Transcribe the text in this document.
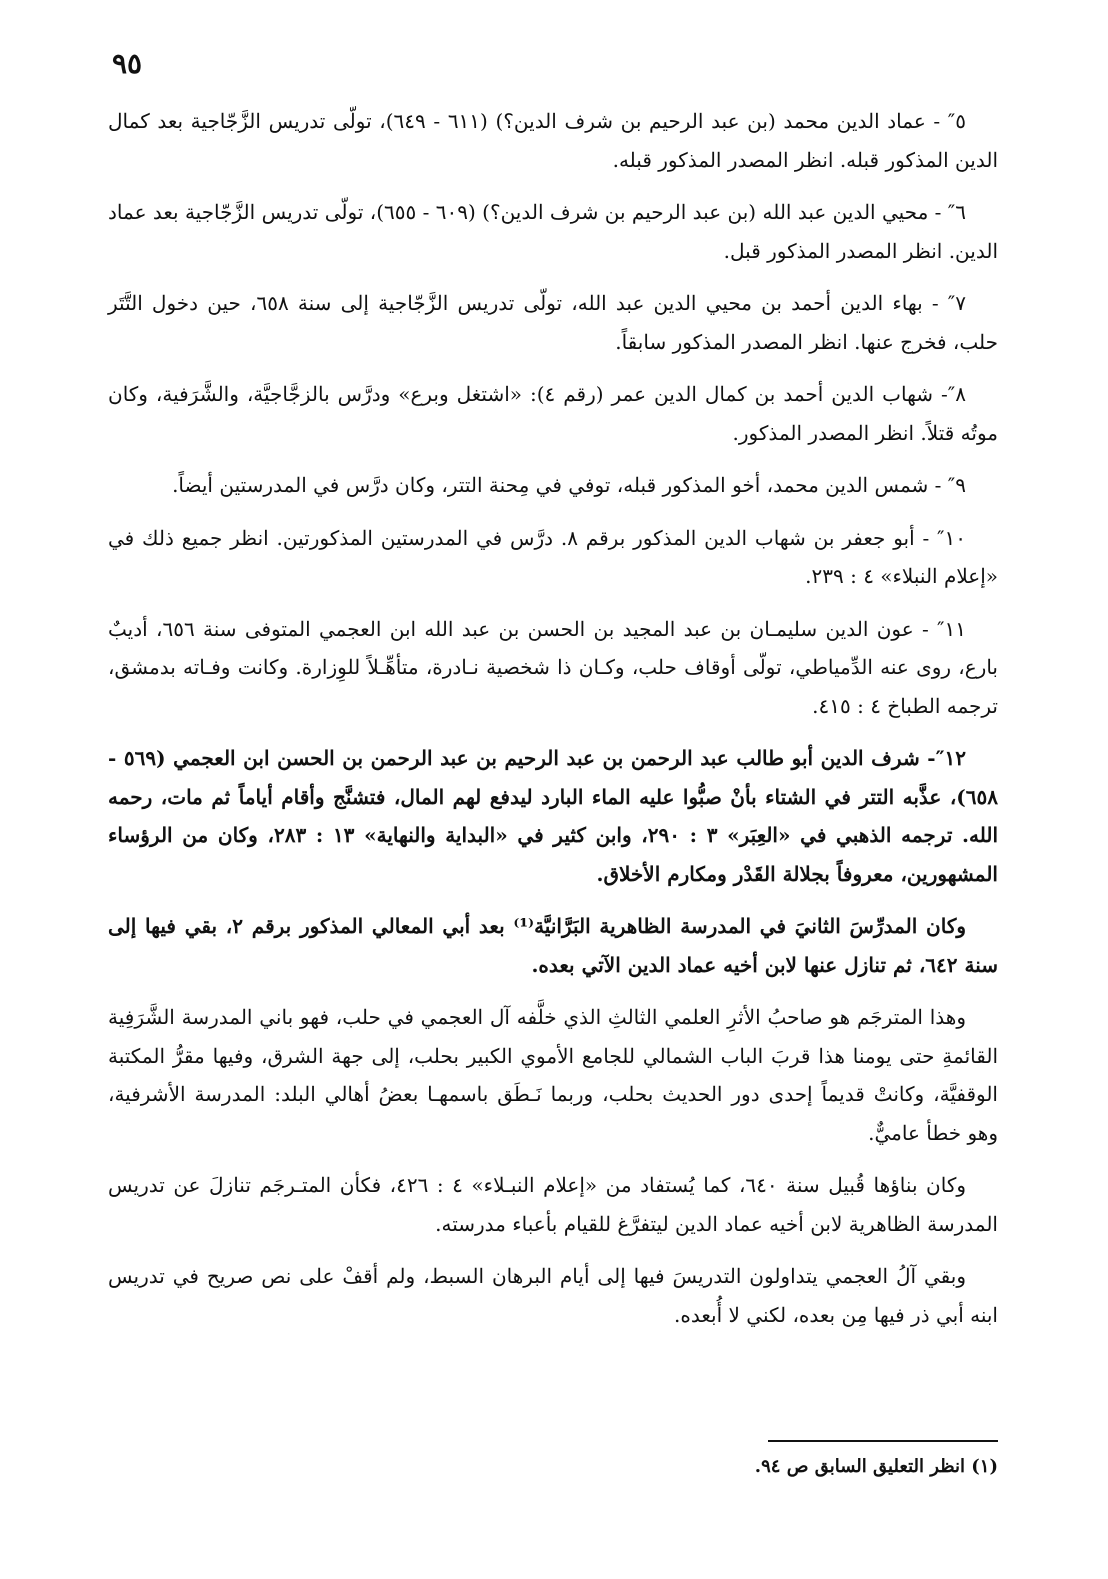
٩٥

٥″ - عماد الدين محمد (بن عبد الرحيم بن شرف الدين؟) (٦١١ - ٦٤٩)، تولّى تدريس الزَّجّاجية بعد كمال الدين المذكور قبله. انظر المصدر المذكور قبله.

٦″ - محيي الدين عبد الله (بن عبد الرحيم بن شرف الدين؟) (٦٠٩ - ٦٥٥)، تولّى تدريس الزَّجّاجية بعد عماد الدين. انظر المصدر المذكور قبل.

٧″ - بهاء الدين أحمد بن محيي الدين عبد الله، تولّى تدريس الزَّجّاجية إلى سنة ٦٥٨، حين دخول التَّتَر حلب، فخرج عنها. انظر المصدر المذكور سابقاً.

٨″- شهاب الدين أحمد بن كمال الدين عمر (رقم ٤): «اشتغل وبرع» ودرَّس بالزجَّاجيَّة، والشَّرَفية، وكان موتُه قتلاً. انظر المصدر المذكور.

٩″ - شمس الدين محمد، أخو المذكور قبله، توفي في مِحنة التتر، وكان درَّس في المدرستين أيضاً.

١٠″ - أبو جعفر بن شهاب الدين المذكور برقم ٨. درَّس في المدرستين المذكورتين. انظر جميع ذلك في «إعلام النبلاء» ٤ : ٢٣٩.

١١″ - عون الدين سليمـان بن عبد المجيد بن الحسن بن عبد الله ابن العجمي المتوفى سنة ٦٥٦، أديبٌ بارع، روى عنه الدِّمياطي، تولّى أوقاف حلب، وكـان ذا شخصية نـادرة، متأهِّـلاً للوِزارة. وكانت وفـاته بدمشق، ترجمه الطباخ ٤ : ٤١٥.

١٢″- شرف الدين أبو طالب عبد الرحمن بن عبد الرحيم بن عبد الرحمن بن الحسن ابن العجمي (٥٦٩ - ٦٥٨)، عذَّبه التتر في الشتاء بأنْ صبُّوا عليه الماء البارد ليدفع لهم المال، فتشنَّج وأقام أياماً ثم مات، رحمه الله. ترجمه الذهبي في «العِبَر» ٣ : ٢٩٠، وابن كثير في «البداية والنهاية» ١٣ : ٢٨٣، وكان من الرؤساء المشهورين، معروفاً بجلالة القَدْر ومكارم الأخلاق.

وكان المدرِّسَ الثانيَ في المدرسة الظاهرية البَرَّانيَّة⁽¹⁾ بعد أبي المعالي المذكور برقم ٢، بقي فيها إلى سنة ٦٤٢، ثم تنازل عنها لابن أخيه عماد الدين الآتي بعده.

وهذا المترجَم هو صاحبُ الأثرِ العلمي الثالثِ الذي خلَّفه آل العجمي في حلب، فهو باني المدرسة الشَّرَفِية القائمةِ حتى يومنا هذا قربَ الباب الشمالي للجامع الأموي الكبير بحلب، إلى جهة الشرق، وفيها مقرُّ المكتبة الوقفيَّة، وكانتْ قديماً إحدى دور الحديث بحلب، وربما نَـطَق باسمهـا بعضُ أهالي البلد: المدرسة الأشرفية، وهو خطأ عاميٌّ.

وكان بناؤها قُبيل سنة ٦٤٠، كما يُستفاد من «إعلام النبـلاء» ٤ : ٤٢٦، فكأن المتـرجَم تنازلَ عن تدريس المدرسة الظاهرية لابن أخيه عماد الدين ليتفرَّغ للقيام بأعباء مدرسته.

وبقي آلُ العجمي يتداولون التدريسَ فيها إلى أيام البرهان السبط، ولم أقفْ على نص صريح في تدريس ابنه أبي ذر فيها مِن بعده، لكني لا أُبعده.

(١) انظر التعليق السابق ص ٩٤.
